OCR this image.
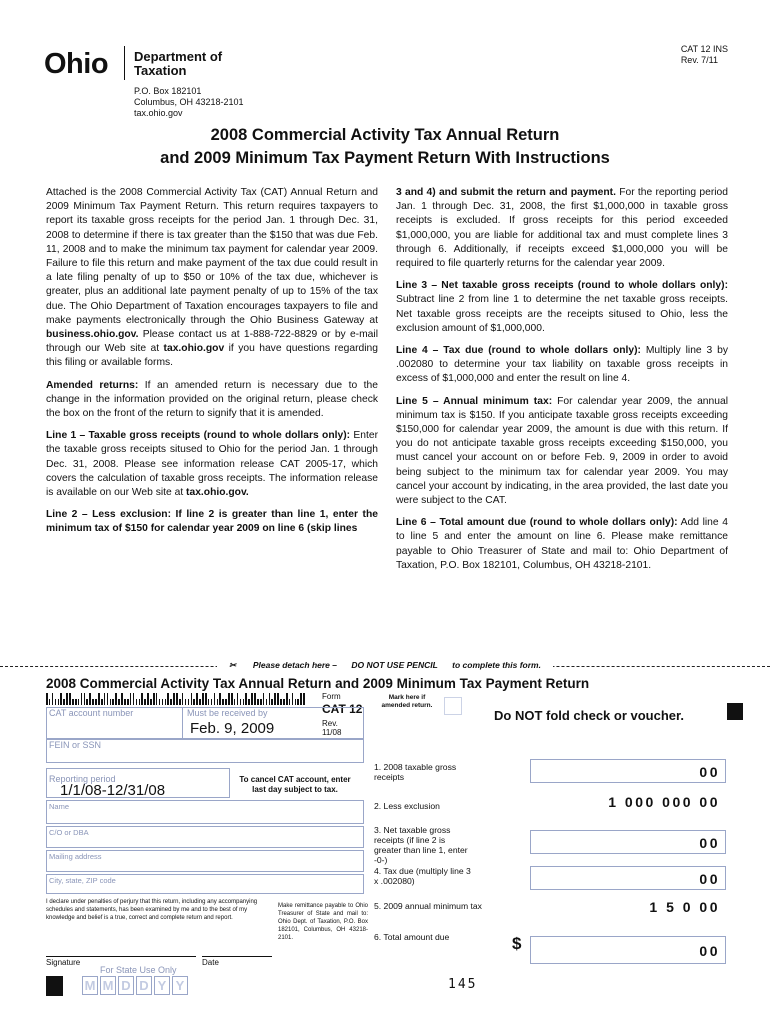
Ohio Department of
Taxation
P.O. Box 182101
Columbus, OH 43218-2101
tax.ohio.gov
CAT 12 INS
Rev. 7/11
2008 Commercial Activity Tax Annual Return
and 2009 Minimum Tax Payment Return With Instructions

Attached is the 2008 Commercial Activity Tax (CAT) Annual Return and 2009 Minimum Tax Payment Return. This return requires taxpayers to report its taxable gross receipts for the period Jan. 1 through Dec. 31, 2008 to determine if there is tax greater than the $150 that was due Feb. 11, 2008 and to make the minimum tax payment for calendar year 2009. Failure to file this return and make payment of the tax due could result in a late filing penalty of up to $50 or 10% of the tax due, whichever is greater, plus an additional late payment penalty of up to 15% of the tax due. The Ohio Department of Taxation encourages taxpayers to file and make payments electronically through the Ohio Business Gateway at business.ohio.gov. Please contact us at 1-888-722-8829 or by e-mail through our Web site at tax.ohio.gov if you have questions regarding this filing or available forms.

Amended returns: If an amended return is necessary due to the change in the information provided on the original return, please check the box on the front of the return to signify that it is amended.

Line 1 – Taxable gross receipts (round to whole dollars only): Enter the taxable gross receipts sitused to Ohio for the period Jan. 1 through Dec. 31, 2008. Please see information release CAT 2005-17, which covers the calculation of taxable gross receipts. The information release is available on our Web site at tax.ohio.gov.

Line 2 – Less exclusion: If line 2 is greater than line 1, enter the minimum tax of $150 for calendar year 2009 on line 6 (skip lines

3 and 4) and submit the return and payment. For the reporting period Jan. 1 through Dec. 31, 2008, the first $1,000,000 in taxable gross receipts is excluded. If gross receipts for this period exceeded $1,000,000, you are liable for additional tax and must complete lines 3 through 6. Additionally, if receipts exceed $1,000,000 you will be required to file quarterly returns for the calendar year 2009.

Line 3 – Net taxable gross receipts (round to whole dollars only): Subtract line 2 from line 1 to determine the net taxable gross receipts. Net taxable gross receipts are the receipts sitused to Ohio, less the exclusion amount of $1,000,000.

Line 4 – Tax due (round to whole dollars only): Multiply line 3 by .002080 to determine your tax liability on taxable gross receipts in excess of $1,000,000 and enter the result on line 4.

Line 5 – Annual minimum tax: For calendar year 2009, the annual minimum tax is $150. If you anticipate taxable gross receipts exceeding $150,000 for calendar year 2009, the amount is due with this return. If you do not anticipate taxable gross receipts exceeding $150,000, you must cancel your account on or before Feb. 9, 2009 in order to avoid being subject to the minimum tax for calendar year 2009. You may cancel your account by indicating, in the area provided, the last date you were subject to the CAT.

Line 6 – Total amount due (round to whole dollars only): Add line 4 to line 5 and enter the amount on line 6. Please make remittance payable to Ohio Treasurer of State and mail to: Ohio Department of Taxation, P.O. Box 182101, Columbus, OH 43218-2101.

✂ Please detach here – DO NOT USE PENCIL to complete this form.
2008 Commercial Activity Tax Annual Return and 2009 Minimum Tax Payment Return
Form
CAT 12
Rev.
11/08
Mark here if amended return.
Do NOT fold check or voucher.
CAT account number	Must be received by
Feb. 9, 2009
FEIN or SSN
Reporting period
1/1/08-12/31/08
To cancel CAT account, enter last day subject to tax.
Name
C/O or DBA
Mailing address
City, state, ZIP code
I declare under penalties of perjury that this return, including any accompanying schedules and statements, has been examined by me and to the best of my knowledge and belief is a true, correct and complete return and report.
Make remittance payable to Ohio Treasurer of State and mail to: Ohio Dept. of Taxation, P.O. Box 182101, Columbus, OH 43218-2101.
Signature	Date
For State Use Only
M M D D Y Y	145
1. 2008 taxable gross receipts	00
2. Less exclusion	1 000 000 00
3. Net taxable gross receipts (if line 2 is greater than line 1, enter -0-)
00
4. Tax due (multiply line 3 x .002080)	00
5. 2009 annual minimum tax	1 5 0 00
6. Total amount due	$	00
